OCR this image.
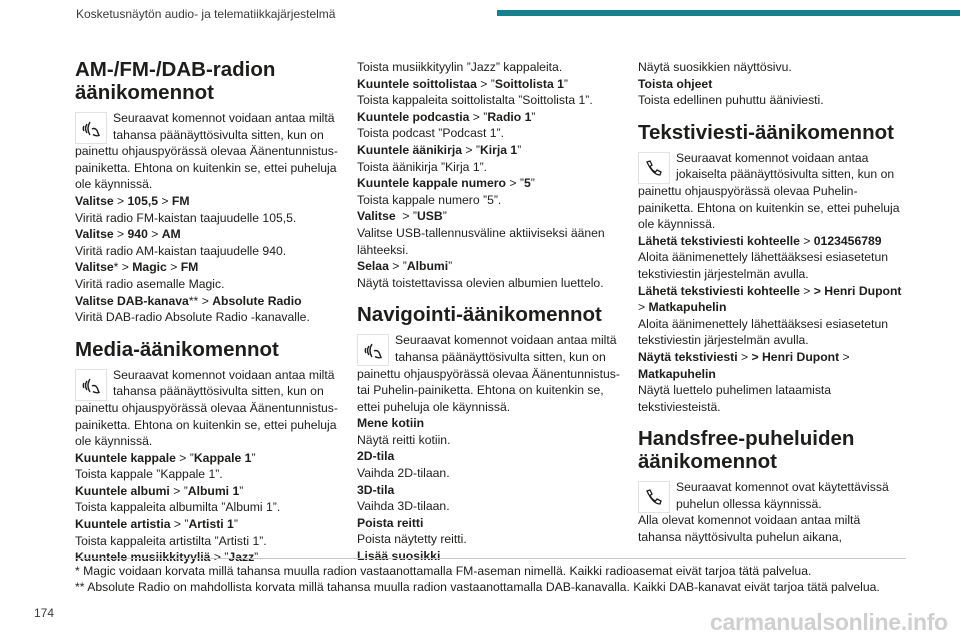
Kosketusnäytön audio- ja telematiikkajärjestelmä
AM-/FM-/DAB-radion äänikomennot
Seuraavat komennot voidaan antaa miltä tahansa päänäyttösivulta sitten, kun on

painettu ohjauspyörässä olevaa Äänentunnistus-painiketta. Ehtona on kuitenkin se, ettei puheluja ole käynnissä.

Valitse > 105,5 > FM

Viritä radio FM-kaistan taajuudelle 105,5.

Valitse > 940 > AM

Viritä radio AM-kaistan taajuudelle 940.

Valitse* > Magic > FM

Viritä radio asemalle Magic.

Valitse DAB-kanava** > Absolute Radio

Viritä DAB-radio Absolute Radio -kanavalle.

Media-äänikomennot
Seuraavat komennot voidaan antaa miltä tahansa päänäyttösivulta sitten, kun on

painettu ohjauspyörässä olevaa Äänentunnistus-painiketta. Ehtona on kuitenkin se, ettei puheluja ole käynnissä.

Kuuntele kappale > ”Kappale 1”

Toista kappale ”Kappale 1”.

Kuuntele albumi > ”Albumi 1”

Toista kappaleita albumilta ”Albumi 1”.

Kuuntele artistia > ”Artisti 1”

Toista kappaleita artistilta ”Artisti 1”.

Kuuntele musiikkityyliä > ”Jazz”

Toista musiikkityylin ”Jazz” kappaleita.

Kuuntele soittolistaa > ”Soittolista 1”

Toista kappaleita soittolistalta ”Soittolista 1”.

Kuuntele podcastia > ”Radio 1”

Toista podcast ”Podcast 1”.

Kuuntele äänikirja > ”Kirja 1”

Toista äänikirja ”Kirja 1”.

Kuuntele kappale numero > ”5”

Toista kappale numero ”5”.

Valitse  > ”USB”

Valitse USB-tallennusväline aktiiviseksi äänen lähteeksi.

Selaa > ”Albumi”

Näytä toistettavissa olevien albumien luettelo.

Navigointi-äänikomennot
Seuraavat komennot voidaan antaa miltä tahansa päänäyttösivulta sitten, kun on

painettu ohjauspyörässä olevaa Äänentunnistus-tai Puhelin-painiketta. Ehtona on kuitenkin se, ettei puheluja ole käynnissä.

Mene kotiin

Näytä reitti kotiin.

2D-tila

Vaihda 2D-tilaan.

3D-tila

Vaihda 3D-tilaan.

Poista reitti

Poista näytetty reitti.

Lisää suosikki

Näytä suosikkien näyttösivu.

Toista ohjeet

Toista edellinen puhuttu ääniviesti.

Tekstiviesti-äänikomennot
Seuraavat komennot voidaan antaa jokaiselta päänäyttösivulta sitten, kun on

painettu ohjauspyörässä olevaa Puhelin-painiketta. Ehtona on kuitenkin se, ettei puheluja ole käynnissä.

Lähetä tekstiviesti kohteelle > 0123456789

Aloita äänimenettely lähettääksesi esiasetetun tekstiviestin järjestelmän avulla.

Lähetä tekstiviesti kohteelle > > Henri Dupont > Matkapuhelin

Aloita äänimenettely lähettääksesi esiasetetun tekstiviestin järjestelmän avulla.

Näytä tekstiviesti > > Henri Dupont > Matkapuhelin

Näytä luettelo puhelimen lataamista tekstiviesteistä.

Handsfree-puheluiden äänikomennot
Seuraavat komennot ovat käytettävissä puhelun ollessa käynnissä.

Alla olevat komennot voidaan antaa miltä tahansa näyttösivulta puhelun aikana,

* Magic voidaan korvata millä tahansa muulla radion vastaanottamalla FM-aseman nimellä. Kaikki radioasemat eivät tarjoa tätä palvelua.
** Absolute Radio on mahdollista korvata millä tahansa muulla radion vastaanottamalla DAB-kanavalla. Kaikki DAB-kanavat eivät tarjoa tätä palvelua.
174	carmanualsonline.info
